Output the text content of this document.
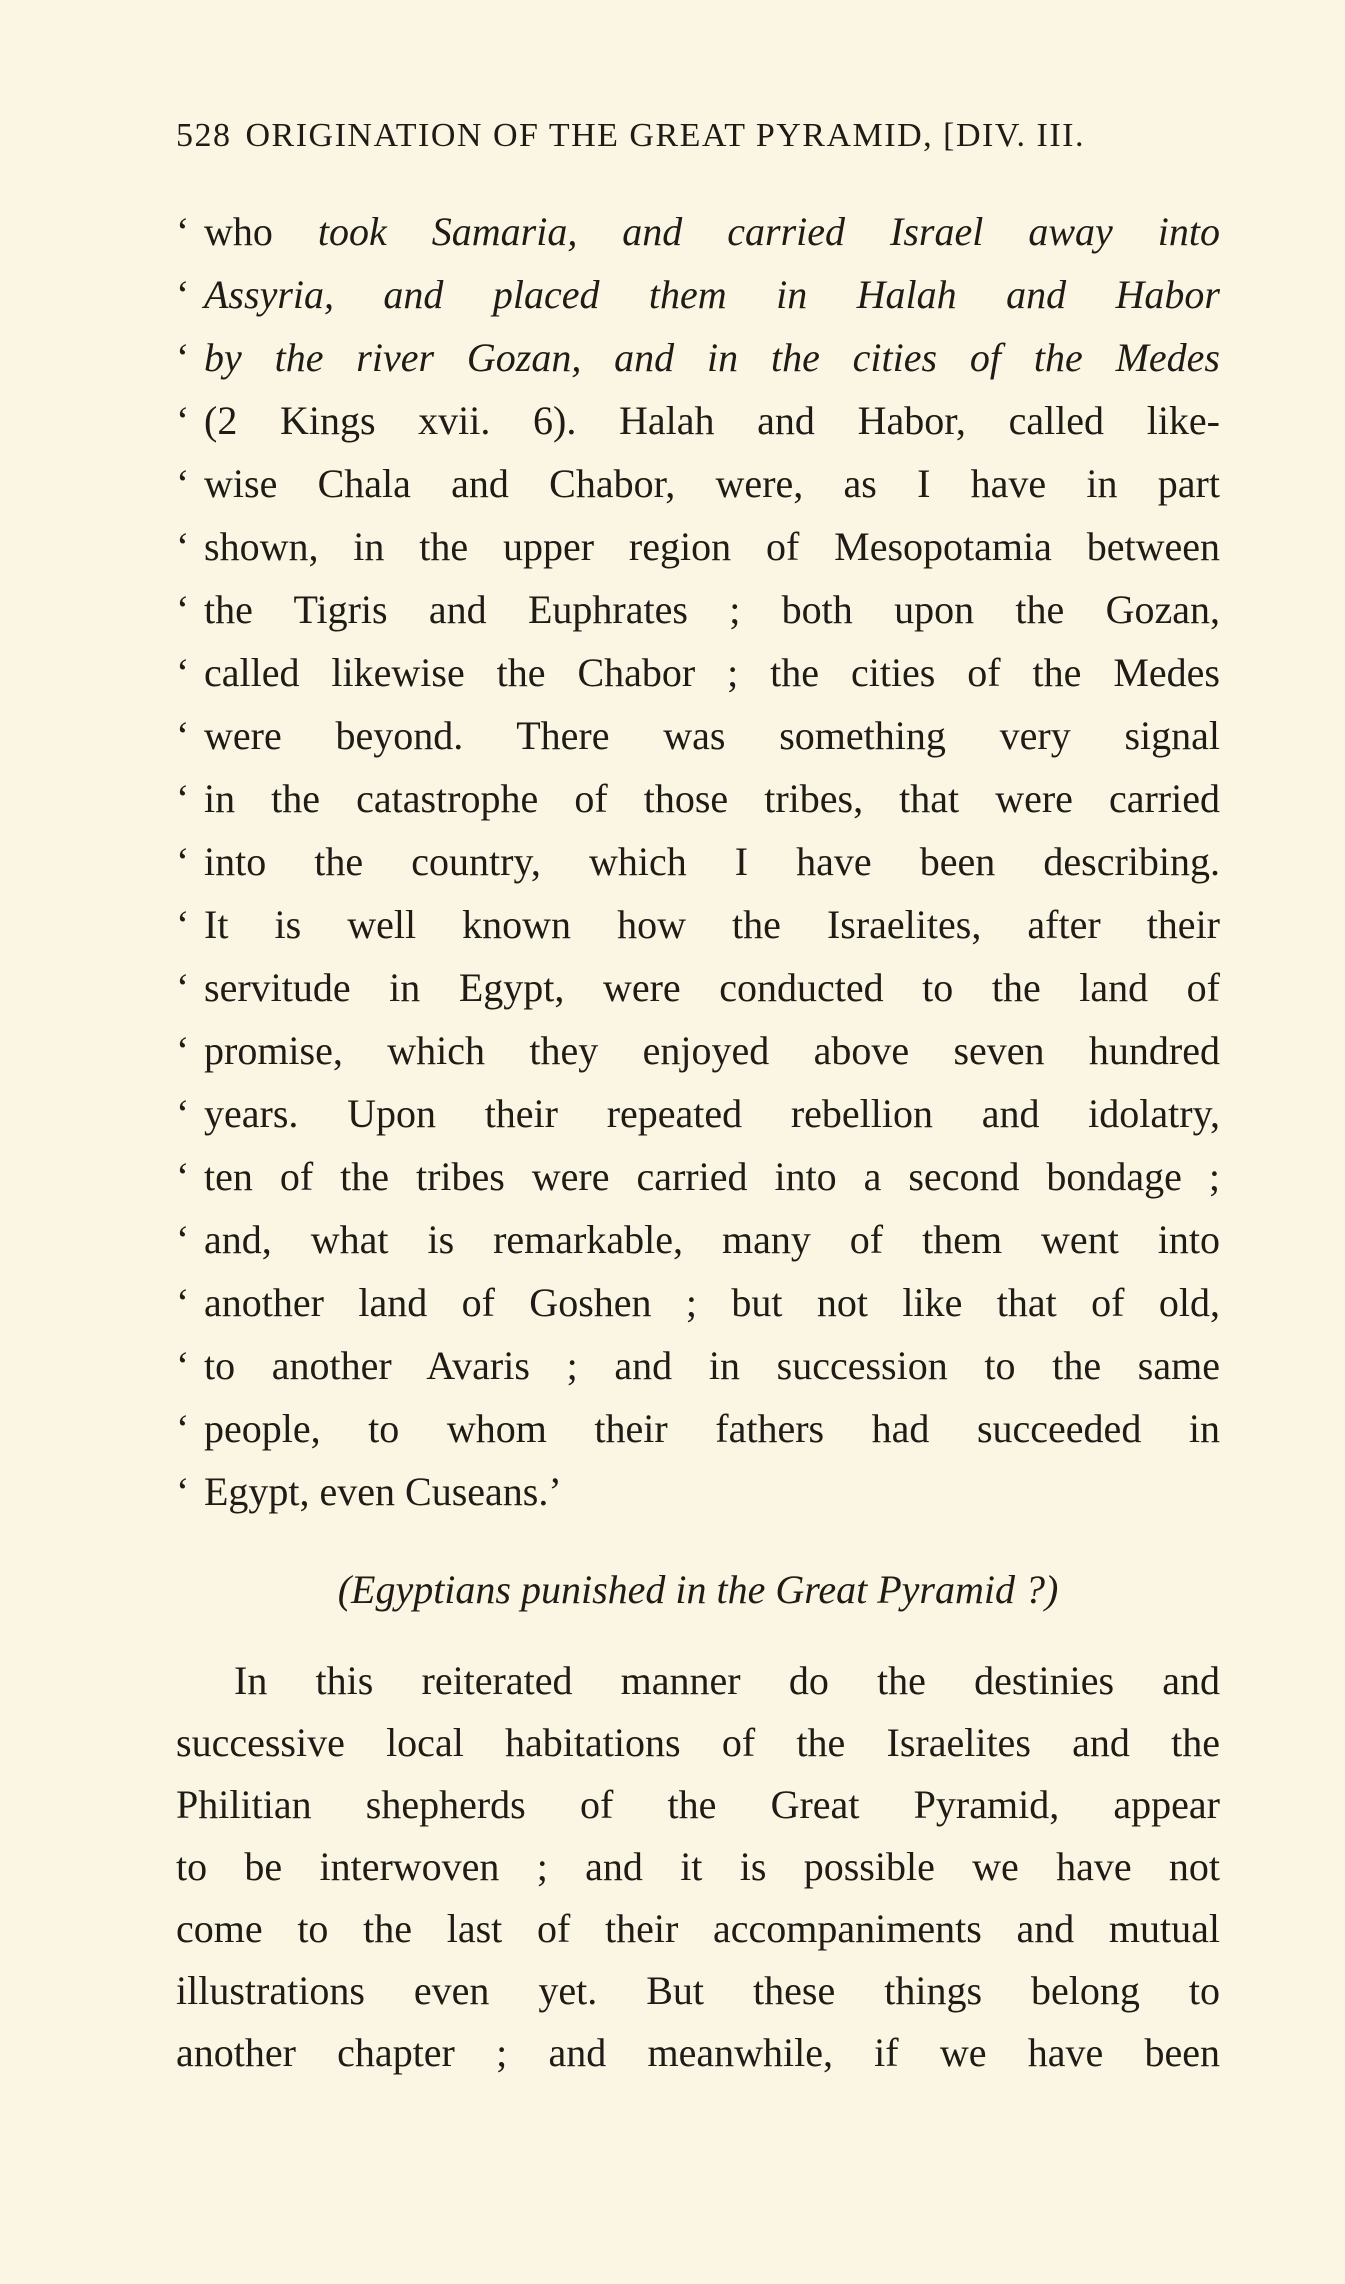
528 ORIGINATION OF THE GREAT PYRAMID, [DIV. III.
‘ who took Samaria, and carried Israel away into
‘ Assyria, and placed them in Halah and Habor
‘ by the river Gozan, and in the cities of the Medes
‘ (2 Kings xvii. 6). Halah and Habor, called like-
‘ wise Chala and Chabor, were, as I have in part
‘ shown, in the upper region of Mesopotamia between
‘ the Tigris and Euphrates ; both upon the Gozan,
‘ called likewise the Chabor ; the cities of the Medes
‘ were beyond. There was something very signal
‘ in the catastrophe of those tribes, that were carried
‘ into the country, which I have been describing.
‘ It is well known how the Israelites, after their
‘ servitude in Egypt, were conducted to the land of
‘ promise, which they enjoyed above seven hundred
‘ years. Upon their repeated rebellion and idolatry,
‘ ten of the tribes were carried into a second bondage ;
‘ and, what is remarkable, many of them went into
‘ another land of Goshen ; but not like that of old,
‘ to another Avaris ; and in succession to the same
‘ people, to whom their fathers had succeeded in
‘ Egypt, even Cuseans.’
(Egyptians punished in the Great Pyramid ?)
In this reiterated manner do the destinies and
successive local habitations of the Israelites and the
Philitian shepherds of the Great Pyramid, appear
to be interwoven ; and it is possible we have not
come to the last of their accompaniments and mutual
illustrations even yet. But these things belong to
another chapter ; and meanwhile, if we have been
